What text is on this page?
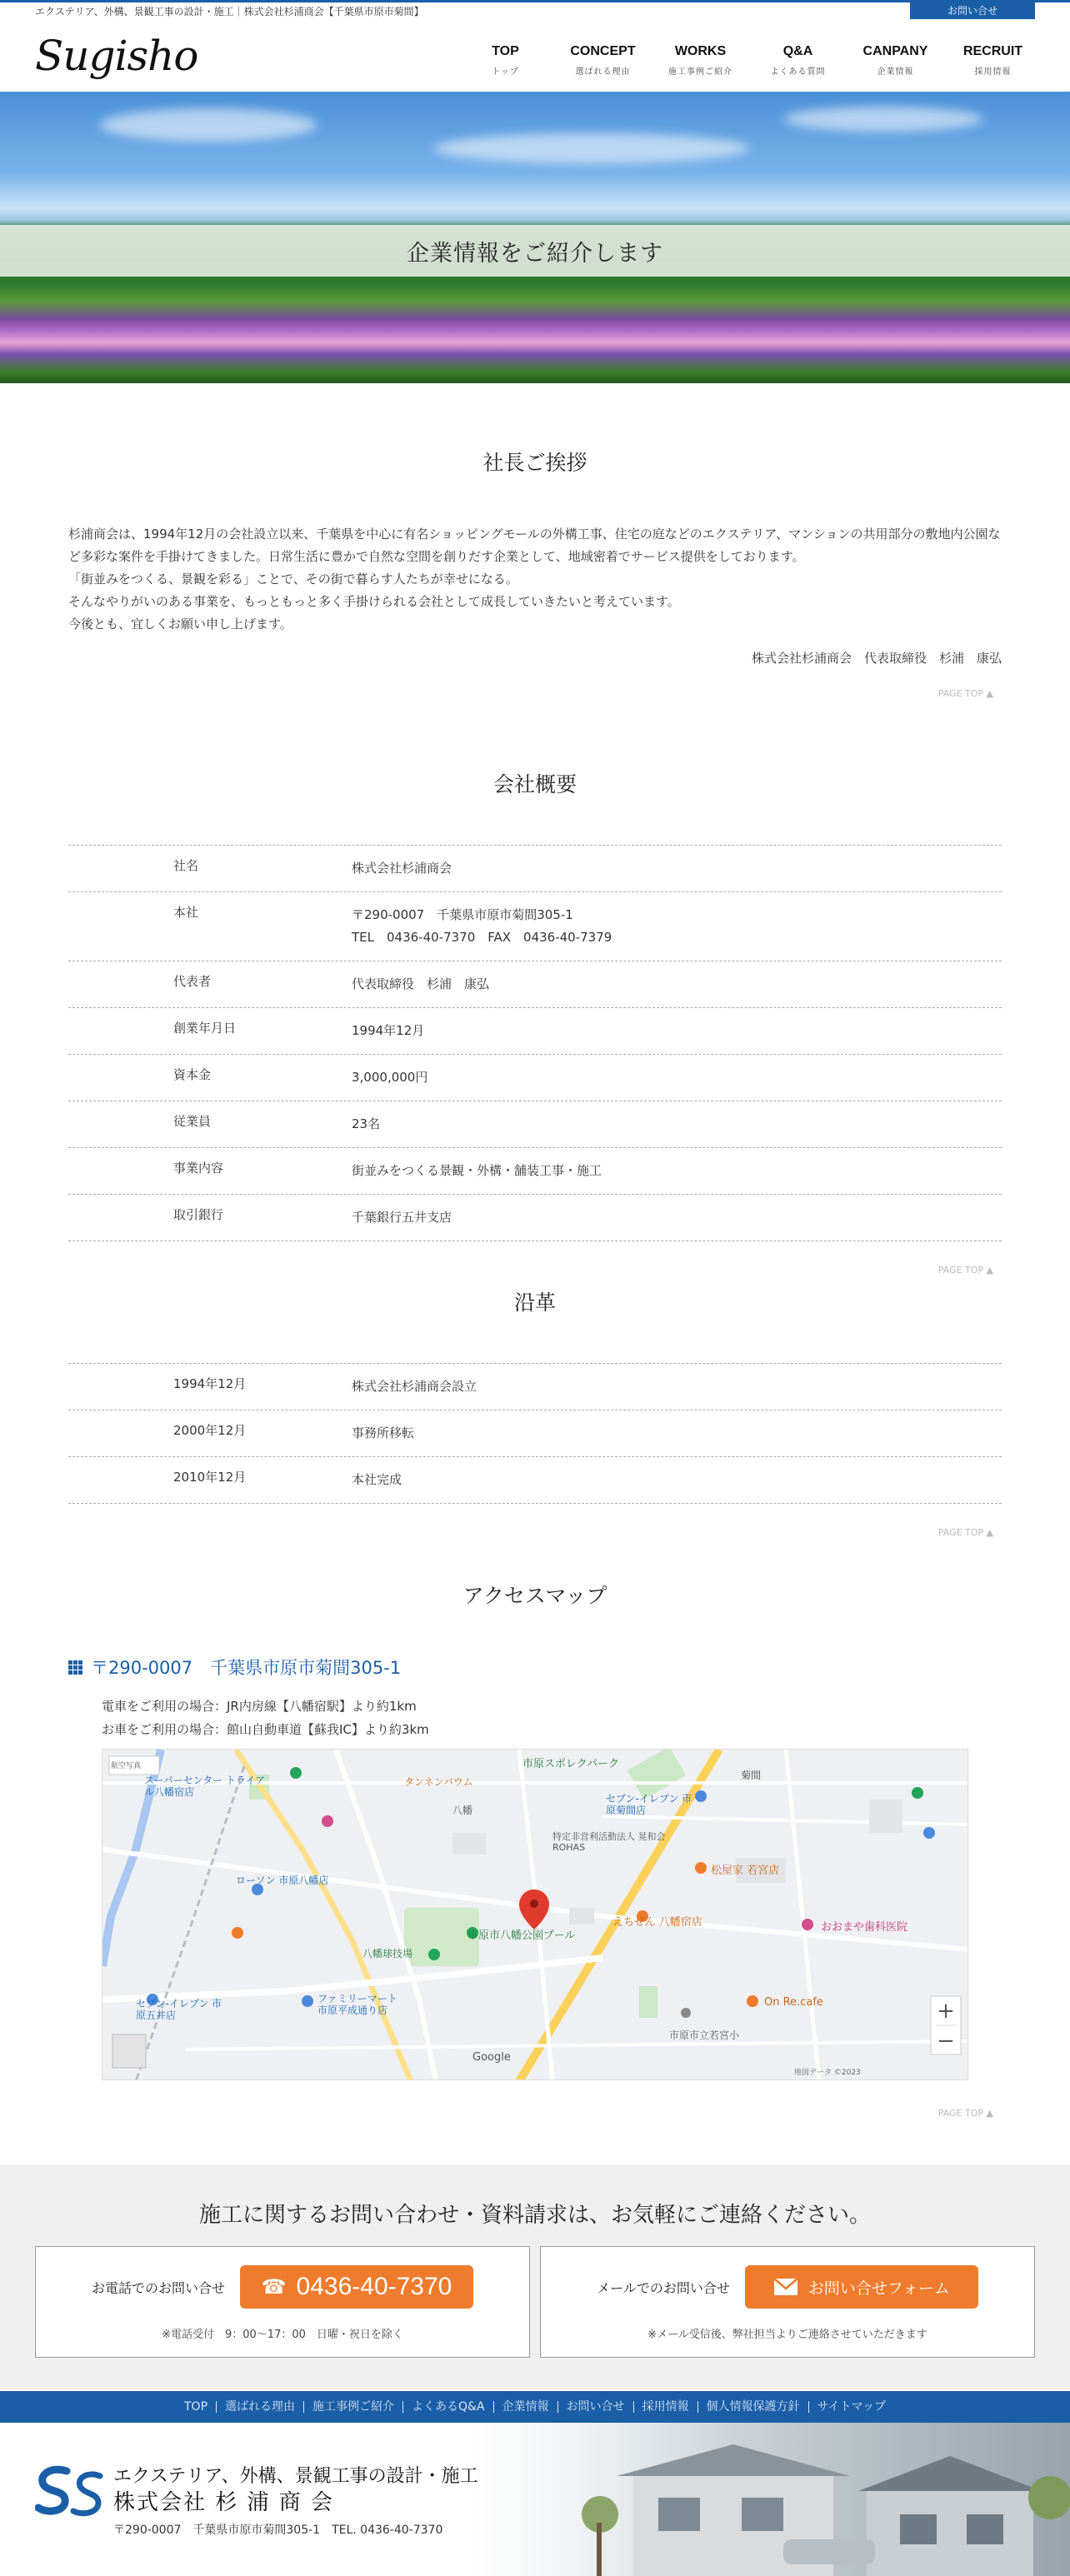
エクステリア、外構、景観工事の設計・施工｜株式会社杉浦商会【千葉県市原市菊間】	お問い合せ
Sugisho	TOP
トップ
CONCEPT
選ばれる理由
WORKS
施工事例ご紹介
Q&A
よくある質問
CANPANY
企業情報
RECRUIT
採用情報
企業情報をご紹介します
社長ご挨拶

杉浦商会は、1994年12月の会社設立以来、千葉県を中心に有名ショッピングモールの外構工事、住宅の庭などのエクステリア、マンションの共用部分の敷地内公園など多彩な案件を手掛けてきました。日常生活に豊かで自然な空間を創りだす企業として、地域密着でサービス提供をしております。

「街並みをつくる、景観を彩る」ことで、その街で暮らす人たちが幸せになる。

そんなやりがいのある事業を、もっともっと多く手掛けられる会社として成長していきたいと考えています。

今後とも、宜しくお願い申し上げます。

株式会社杉浦商会　代表取締役　杉浦　康弘
PAGE TOP ▲
会社概要
社名	株式会社杉浦商会
本社	〒290-0007　千葉県市原市菊間305-1
TEL　0436-40-7370　FAX　0436-40-7379
代表者	代表取締役　杉浦　康弘
創業年月日	1994年12月
資本金	3,000,000円
従業員	23名
事業内容	街並みをつくる景観・外構・舗装工事・施工
取引銀行	千葉銀行五井支店
PAGE TOP ▲
沿革
1994年12月	株式会社杉浦商会設立
2000年12月	事務所移転
2010年12月	本社完成
PAGE TOP ▲
アクセスマップ
〒290-0007　千葉県市原市菊間305-1
電車をご利用の場合：JR内房線【八幡宿駅】より約1km
お車をご利用の場合：館山自動車道【蘇我IC】より約3km
+
−
航空写真
菊間
市原スポレクパーク
セブン-イレブン 市原菊間店
特定非営利活動法人 晃和会 ROHAS
松屋家 若宮店
えちぜん 八幡宿店	おおまや歯科医院
On Re.cafe
市原市立若宮小
市原市八幡公園プール
八幡球技場
ファミリーマート 市原平成通り店
セブン-イレブン 市原五井店
ローソン 市原八幡店
スーパーセンター トライアル八幡宿店
タンネンバウム
八幡
Google
地図データ ©2023
PAGE TOP ▲
施工に関するお問い合わせ・資料請求は、お気軽にご連絡ください。
お電話でのお問い合せ ☎ 0436-40-7370
※電話受付　9：00〜17：00　日曜・祝日を除く
メールでのお問い合せ	お問い合せフォーム
※メール受信後、弊社担当よりご連絡させていただきます
TOP	選ばれる理由	施工事例ご紹介	よくあるQ&A	企業情報	お問い合せ	採用情報	個人情報保護方針	サイトマップ
エクステリア、外構、景観工事の設計・施工
株式会社 杉 浦 商 会
〒290-0007　千葉県市原市菊間305-1　TEL. 0436-40-7370
